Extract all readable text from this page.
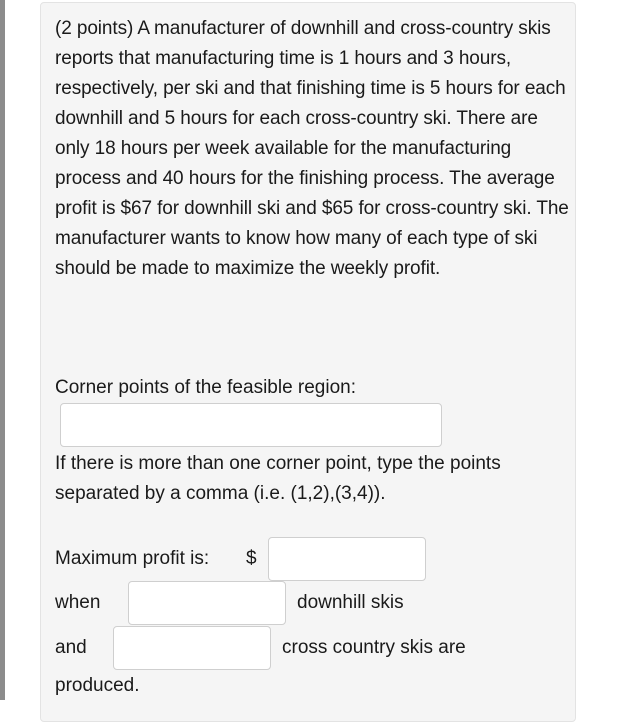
(2 points) A manufacturer of downhill and cross-country skis reports that manufacturing time is 1 hours and 3 hours, respectively, per ski and that finishing time is 5 hours for each downhill and 5 hours for each cross-country ski. There are only 18 hours per week available for the manufacturing process and 40 hours for the finishing process. The average profit is $67 for downhill ski and $65 for cross-country ski. The manufacturer wants to know how many of each type of ski should be made to maximize the weekly profit.

Corner points of the feasible region:

If there is more than one corner point, type the points

separated by a comma (i.e. (1,2),(3,4)).

Maximum profit is: $

when	downhill skis

and	cross country skis are

produced.
